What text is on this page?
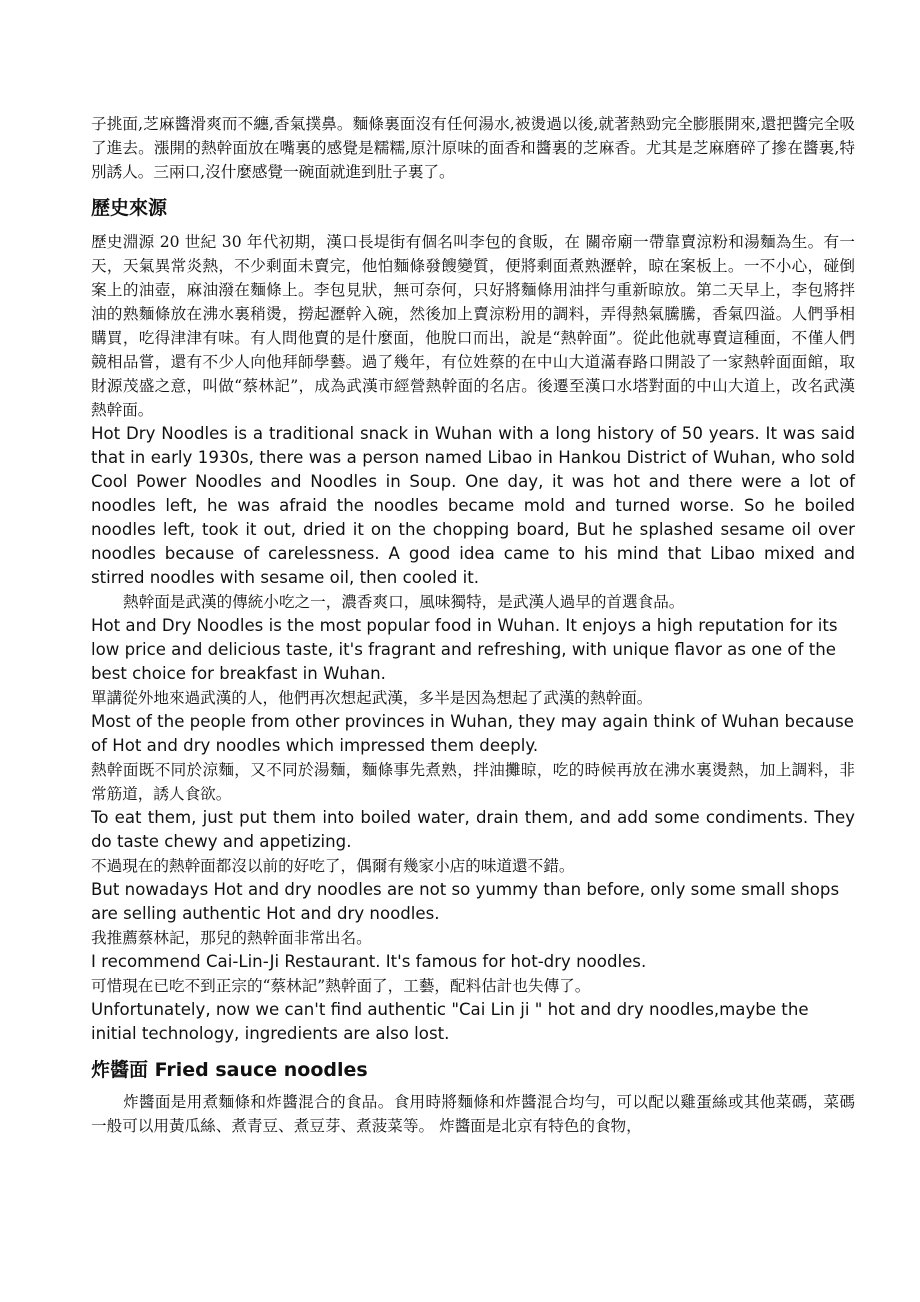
子挑面,芝麻醬滑爽而不纏,香氣撲鼻。麵條裏面沒有任何湯水,被燙過以後,就著熱勁完全膨脹開來,還把醬完全吸了進去。漲開的熱幹面放在嘴裏的感覺是糯糯,原汁原味的面香和醬裏的芝麻香。尤其是芝麻磨碎了摻在醬裏,特別誘人。三兩口,沒什麼感覺一碗面就進到肚子裏了。

歷史來源

歷史淵源 20 世紀 30 年代初期，漢口長堤街有個名叫李包的食販，在 關帝廟一帶靠賣涼粉和湯麵為生。有一天，天氣異常炎熱，不少剩面未賣完，他怕麵條發餿變質，便將剩面煮熟瀝幹，晾在案板上。一不小心，碰倒案上的油壺，麻油潑在麵條上。李包見狀，無可奈何，只好將麵條用油拌勻重新晾放。第二天早上，李包將拌油的熟麵條放在沸水裏稍燙，撈起瀝幹入碗，然後加上賣涼粉用的調料，弄得熱氣騰騰，香氣四溢。人們爭相購買，吃得津津有味。有人問他賣的是什麼面，他脫口而出，說是“熱幹面”。從此他就專賣這種面，不僅人們競相品嘗，還有不少人向他拜師學藝。過了幾年，有位姓蔡的在中山大道滿春路口開設了一家熱幹面面館，取財源茂盛之意，叫做“蔡林記”，成為武漢市經營熱幹面的名店。後遷至漢口水塔對面的中山大道上，改名武漢熱幹面。

Hot Dry Noodles is a traditional snack in Wuhan with a long history of 50 years. It was said that in early 1930s, there was a person named Libao in Hankou District of Wuhan, who sold Cool Power Noodles and Noodles in Soup. One day, it was hot and there were a lot of noodles left, he was afraid the noodles became mold and turned worse. So he boiled noodles left, took it out, dried it on the chopping board, But he splashed sesame oil over noodles because of carelessness. A good idea came to his mind that Libao mixed and stirred noodles with sesame oil, then cooled it.

熱幹面是武漢的傳統小吃之一，濃香爽口，風味獨特，是武漢人過早的首選食品。

Hot and Dry Noodles is the most popular food in Wuhan. It enjoys a high reputation for its low price and delicious taste, it's fragrant and refreshing, with unique flavor as one of the best choice for breakfast in Wuhan.

單講從外地來過武漢的人，他們再次想起武漢，多半是因為想起了武漢的熱幹面。

Most of the people from other provinces in Wuhan, they may again think of Wuhan because of Hot and dry noodles which impressed them deeply.

熱幹面既不同於涼麵，又不同於湯麵，麵條事先煮熟，拌油攤晾，吃的時候再放在沸水裏燙熱，加上調料，非常筋道，誘人食欲。

To eat them, just put them into boiled water, drain them, and add some condiments. They do taste chewy and appetizing.

不過現在的熱幹面都沒以前的好吃了，偶爾有幾家小店的味道還不錯。

But nowadays Hot and dry noodles are not so yummy than before, only some small shops are selling authentic Hot and dry noodles.

我推薦蔡林記，那兒的熱幹面非常出名。

I recommend Cai-Lin-Ji Restaurant. It's famous for hot-dry noodles.

可惜現在已吃不到正宗的“蔡林記”熱幹面了，工藝，配料估計也失傳了。

Unfortunately, now we can't find authentic "Cai Lin ji " hot and dry noodles,maybe the initial technology, ingredients are also lost.

炸醬面 Fried sauce noodles

炸醬面是用煮麵條和炸醬混合的食品。食用時將麵條和炸醬混合均勻，可以配以雞蛋絲或其他菜碼，菜碼一般可以用黃瓜絲、煮青豆、煮豆芽、煮菠菜等。 炸醬面是北京有特色的食物，
